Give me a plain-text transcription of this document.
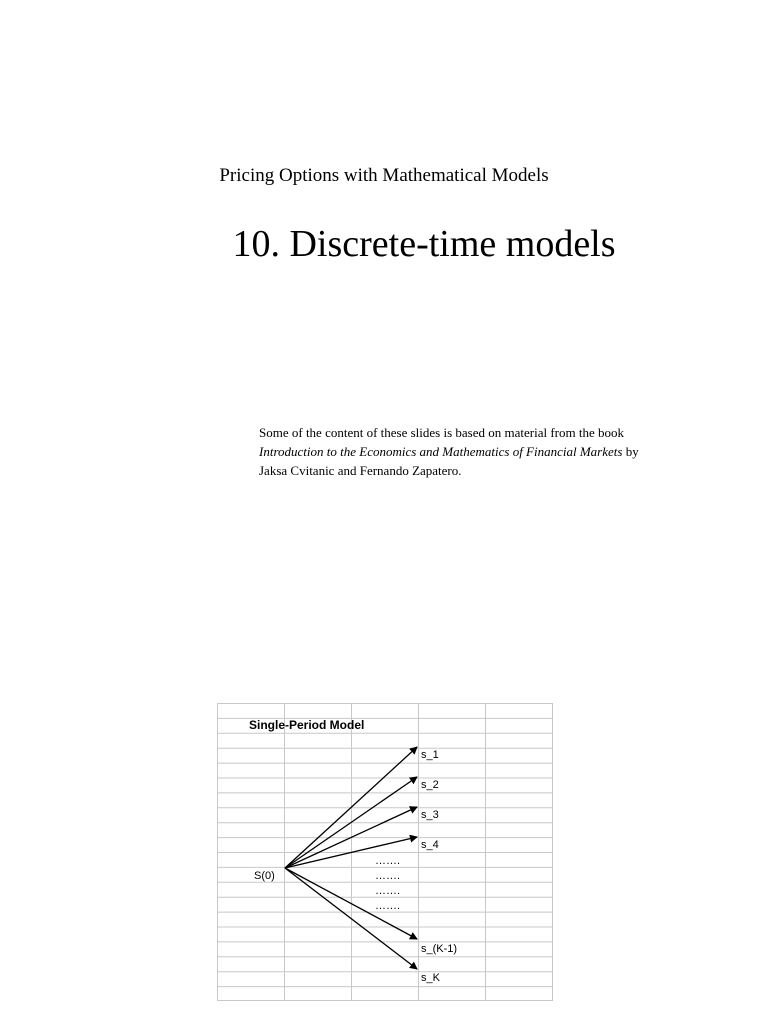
Pricing Options with Mathematical Models
10. Discrete-time models
Some of the content of these slides is based on material from the book Introduction to the Economics and Mathematics of Financial Markets by Jaksa Cvitanic and Fernando Zapatero.
Single-Period Model
S(0)
s_1
s_2
s_3
s_4
s_(K-1)
s_K
…….
…….
…….
…….
